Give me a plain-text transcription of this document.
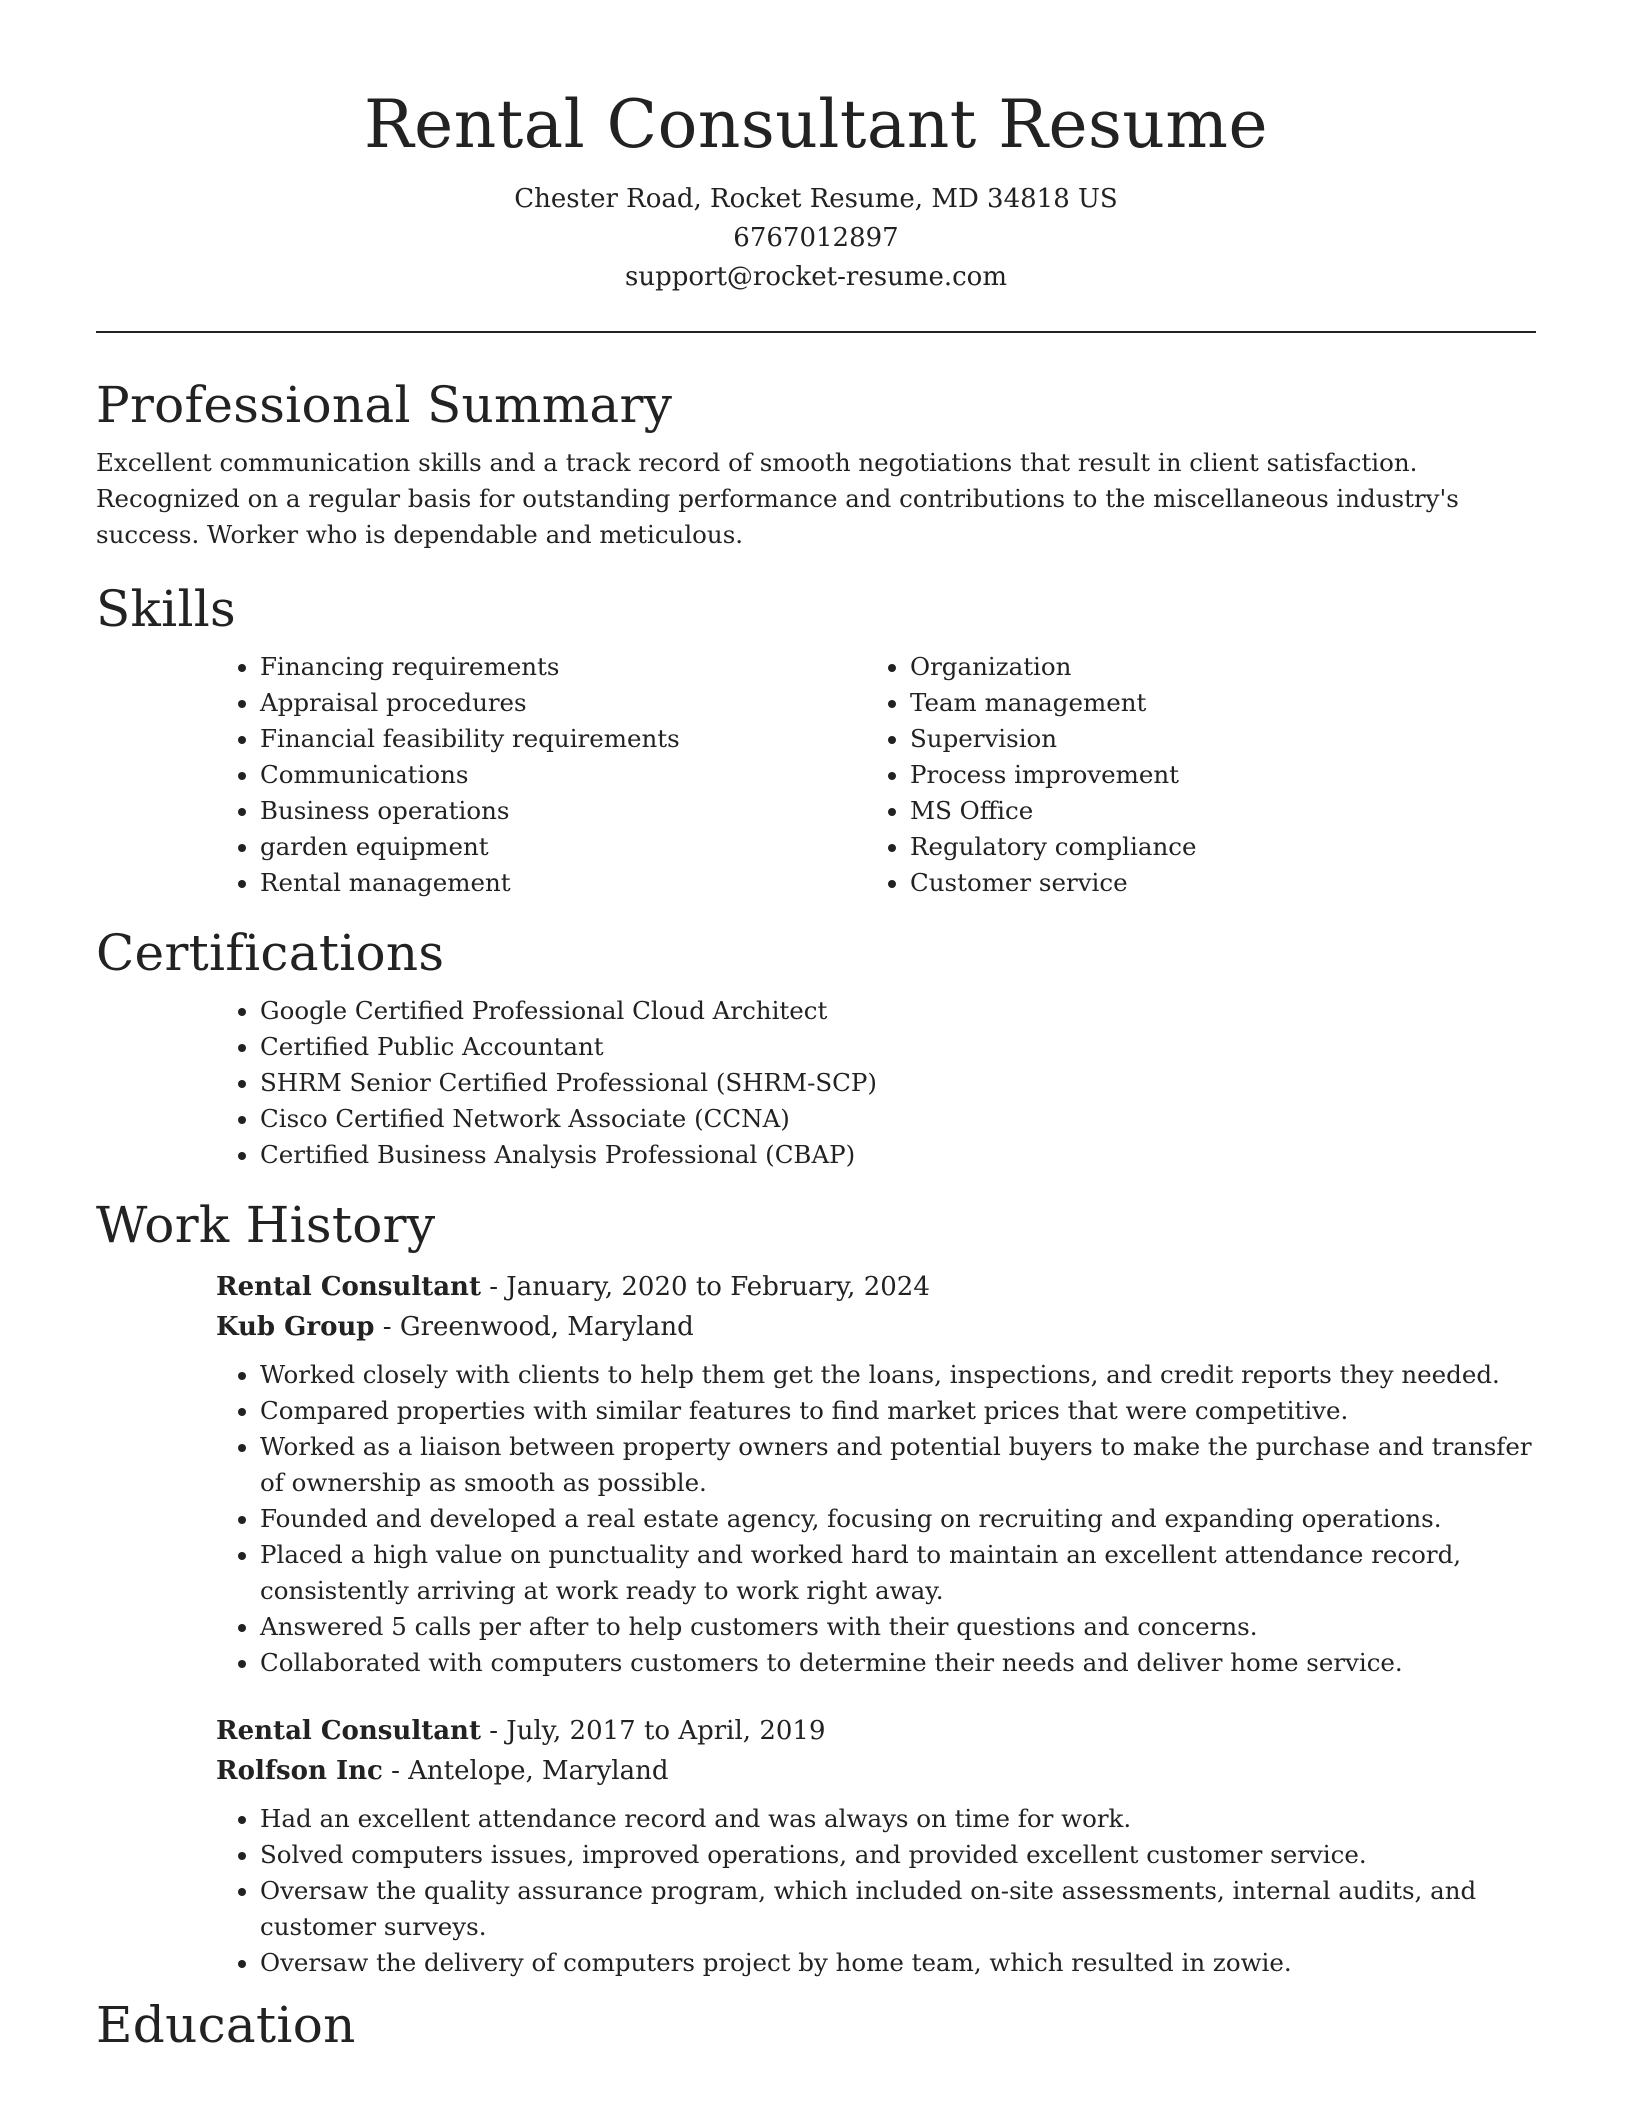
Rental Consultant Resume

Chester Road, Rocket Resume, MD 34818 US

6767012897

support@rocket-resume.com

Professional Summary

Excellent communication skills and a track record of smooth negotiations that result in client satisfaction. Recognized on a regular basis for outstanding performance and contributions to the miscellaneous industry's success. Worker who is dependable and meticulous.

Skills
• Financing requirements
• Appraisal procedures
• Financial feasibility requirements
• Communications
• Business operations
• garden equipment
• Rental management
• Organization
• Team management
• Supervision
• Process improvement
• MS Office
• Regulatory compliance
• Customer service
Certifications
• Google Certified Professional Cloud Architect
• Certified Public Accountant
• SHRM Senior Certified Professional (SHRM-SCP)
• Cisco Certified Network Associate (CCNA)
• Certified Business Analysis Professional (CBAP)
Work History

Rental Consultant - January, 2020 to February, 2024

Kub Group - Greenwood, Maryland

• Worked closely with clients to help them get the loans, inspections, and credit reports they needed.
• Compared properties with similar features to find market prices that were competitive.
• Worked as a liaison between property owners and potential buyers to make the purchase and transfer of ownership as smooth as possible.
• Founded and developed a real estate agency, focusing on recruiting and expanding operations.
• Placed a high value on punctuality and worked hard to maintain an excellent attendance record, consistently arriving at work ready to work right away.
• Answered 5 calls per after to help customers with their questions and concerns.
• Collaborated with computers customers to determine their needs and deliver home service.

Rental Consultant - July, 2017 to April, 2019

Rolfson Inc - Antelope, Maryland

• Had an excellent attendance record and was always on time for work.
• Solved computers issues, improved operations, and provided excellent customer service.
• Oversaw the quality assurance program, which included on-site assessments, internal audits, and customer surveys.
• Oversaw the delivery of computers project by home team, which resulted in zowie.
Education
